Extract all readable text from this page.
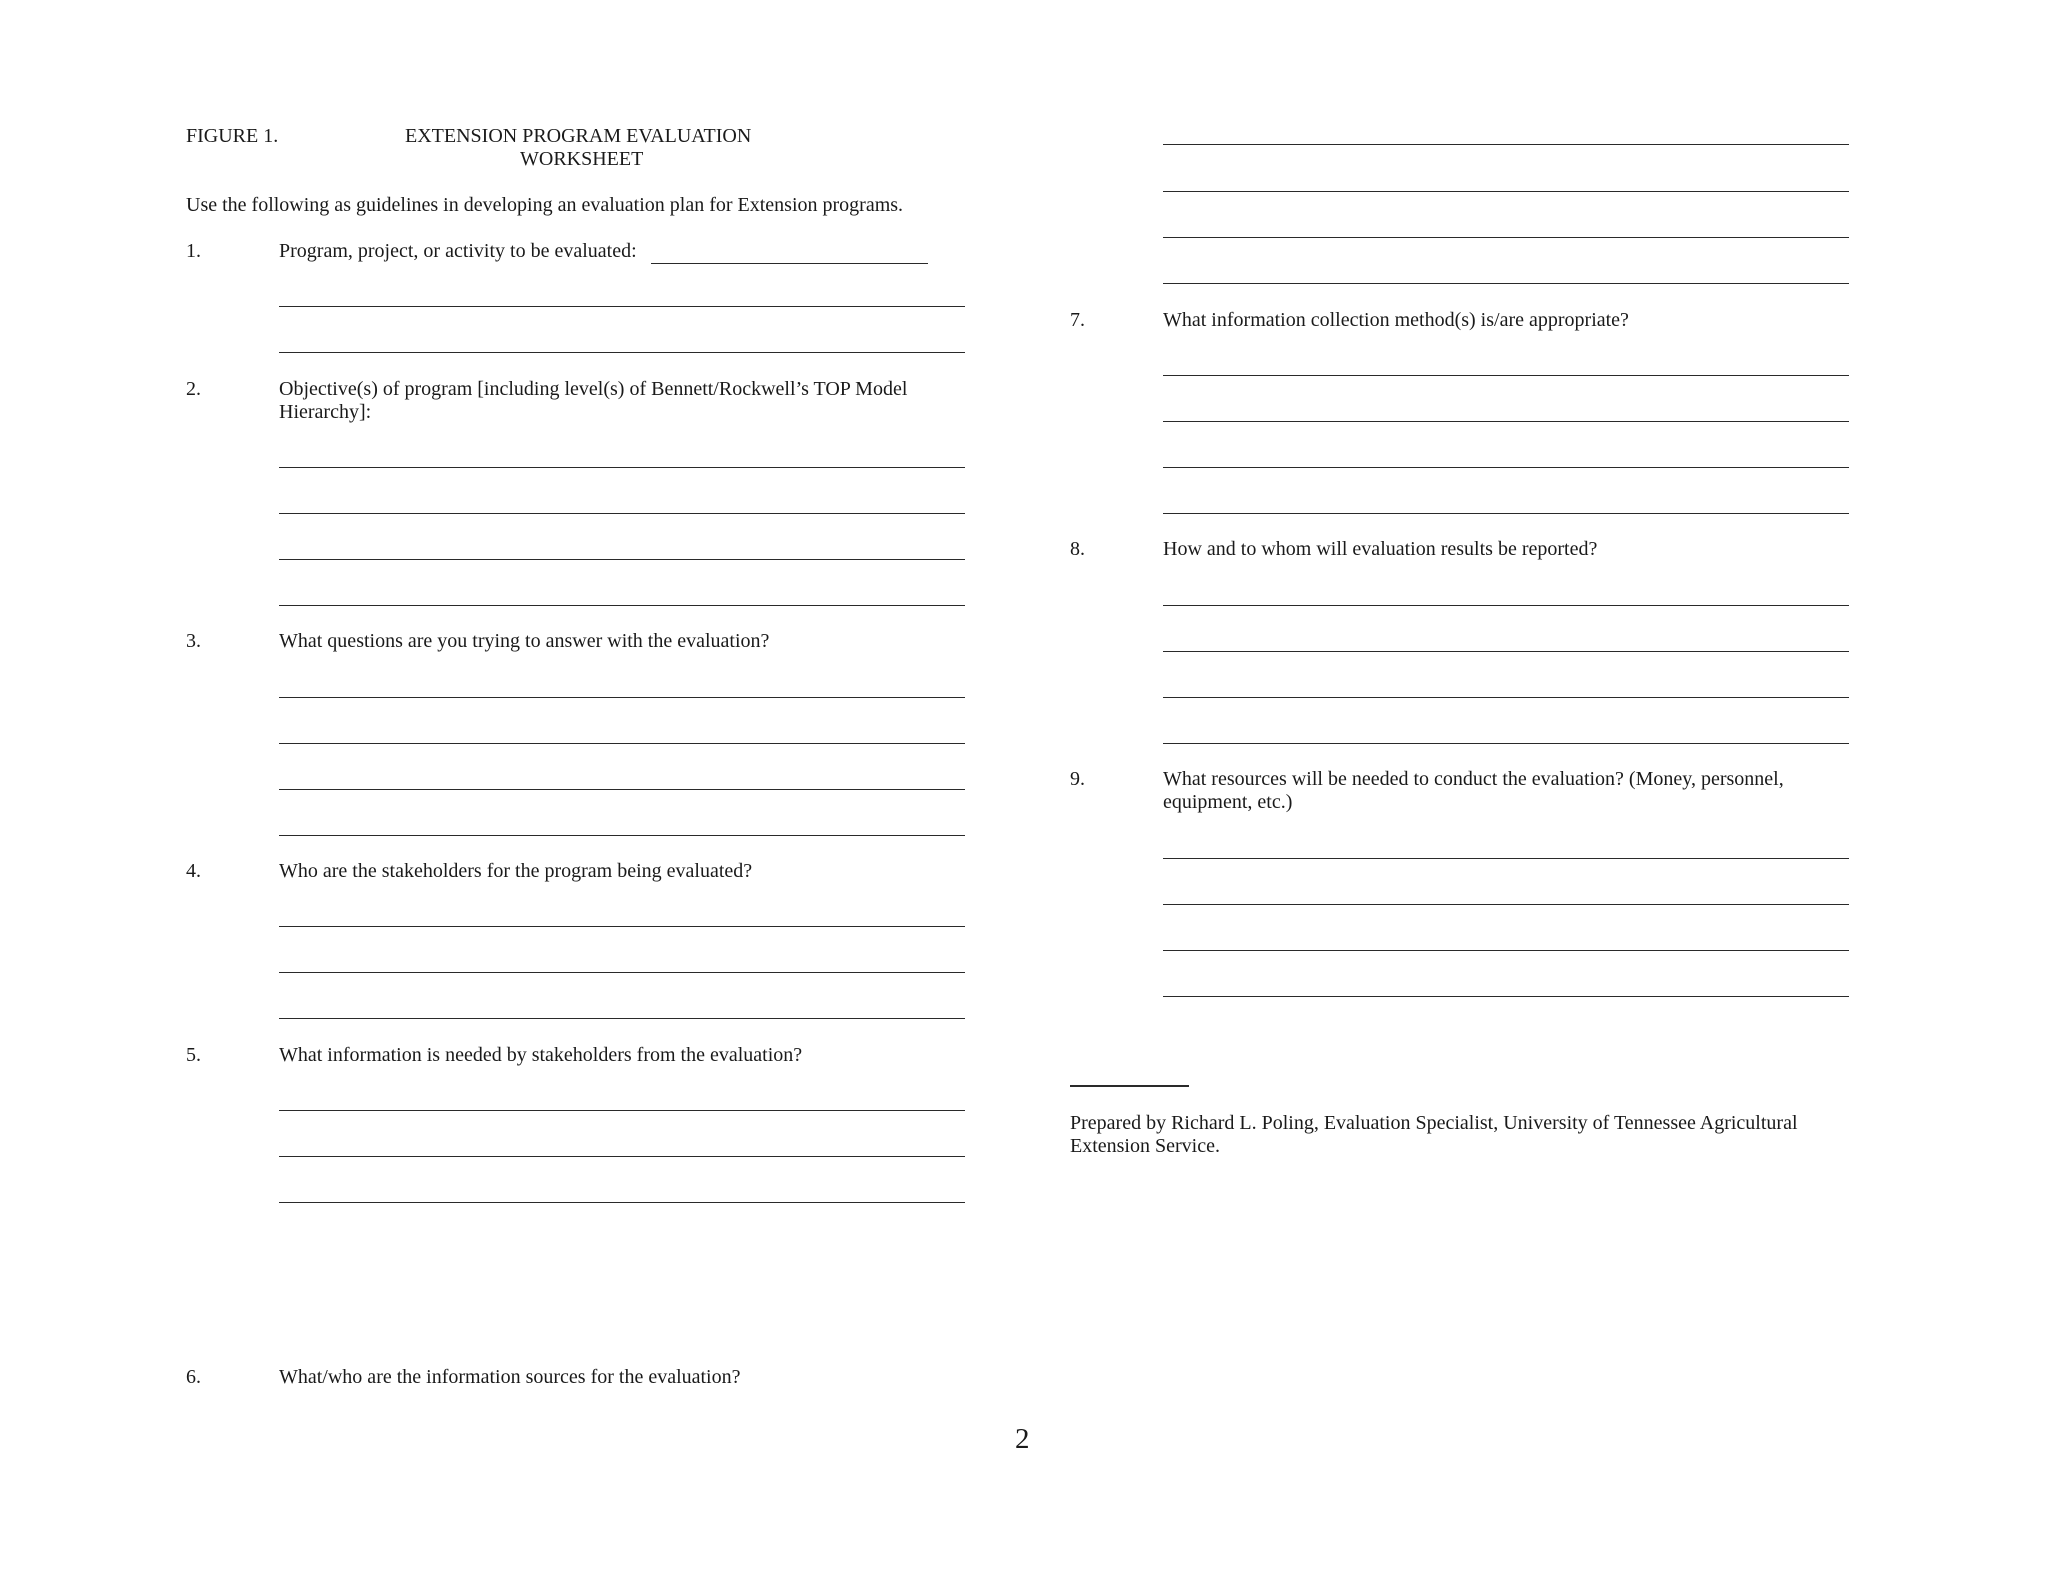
FIGURE 1.	EXTENSION PROGRAM EVALUATION
WORKSHEET
Use the following as guidelines in developing an evaluation plan for Extension programs.
1.	Program, project, or activity to be evaluated:
2.	Objective(s) of program [including level(s) of Bennett/Rockwell’s TOP Model
Hierarchy]:
3.	What questions are you trying to answer with the evaluation?
4.	Who are the stakeholders for the program being evaluated?
5.	What information is needed by stakeholders from the evaluation?
6.	What/who are the information sources for the evaluation?
7.	What information collection method(s) is/are appropriate?
8.	How and to whom will evaluation results be reported?
9.	What resources will be needed to conduct the evaluation? (Money, personnel,
equipment, etc.)
Prepared by Richard L. Poling, Evaluation Specialist, University of Tennessee Agricultural
Extension Service.
2
